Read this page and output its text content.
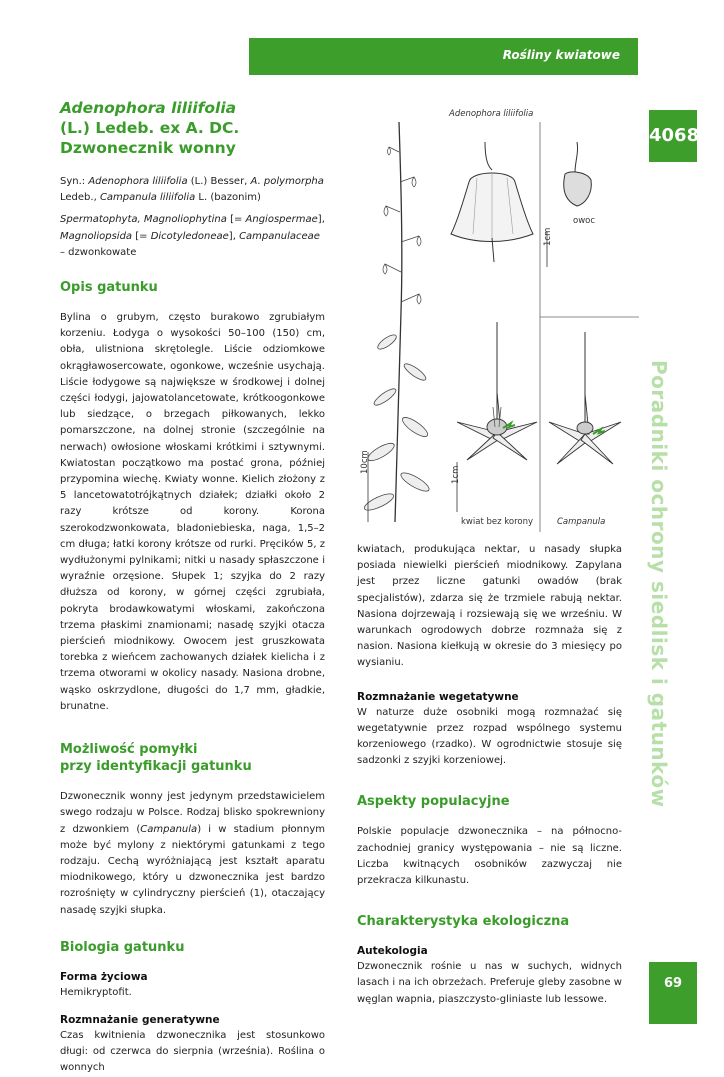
Rośliny kwiatowe
4068
Poradniki ochrony siedlisk i gatunków
69
Adenophora liliifolia
(L.) Ledeb. ex A. DC.
Dzwonecznik wonny

Syn.: Adenophora liliifolia (L.) Besser, A. polymorpha Ledeb., Campanula liliifolia L. (bazonim)

Spermatophyta, Magnoliophytina [= Angiospermae], Magnoliopsida [= Dicotyledoneae], Campanulaceae – dzwonkowate

Opis gatunku

Bylina o grubym, często burakowo zgrubiałym korzeniu. Łodyga o wysokości 50–100 (150) cm, obła, ulistniona skrętolegle. Liście odziomkowe okrągławosercowate, ogonkowe, wcześnie usychają. Liście łodygowe są największe w środkowej i dolnej części łodygi, jajowatolancetowate, krótkoogonkowe lub siedzące, o brzegach piłkowanych, lekko pomarszczone, na dolnej stronie (szczególnie na nerwach) owłosione włoskami krótkimi i sztywnymi. Kwiatostan początkowo ma postać grona, później przypomina wiechę. Kwiaty wonne. Kielich złożony z 5 lancetowatotrójkątnych działek; działki około 2 razy krótsze od korony. Korona szerokodzwonkowata, bladoniebieska, naga, 1,5–2 cm długa; łatki korony krótsze od rurki. Pręcików 5, z wydłużonymi pylnikami; nitki u nasady spłaszczone i wyraźnie orzęsione. Słupek 1; szyjka do 2 razy dłuższa od korony, w górnej części zgrubiała, pokryta brodawkowatymi włoskami, zakończona trzema płaskimi znamionami; nasadę szyjki otacza pierścień miodnikowy. Owocem jest gruszkowata torebka z wieńcem zachowanych działek kielicha i z trzema otworami w okolicy nasady. Nasiona drobne, wąsko oskrzydlone, długości do 1,7 mm, gładkie, brunatne.

Możliwość pomyłki
przy identyfikacji gatunku

Dzwonecznik wonny jest jedynym przedstawicielem swego rodzaju w Polsce. Rodzaj blisko spokrewniony z dzwonkiem (Campanula) i w stadium płonnym może być mylony z niektórymi gatunkami z tego rodzaju. Cechą wyróżniającą jest kształt aparatu miodnikowego, który u dzwonecznika jest bardzo rozrośnięty w cylindryczny pierścień (1), otaczający nasadę szyjki słupka.

Biologia gatunku
Forma życiowa

Hemikryptofit.

Rozmnażanie generatywne

Czas kwitnienia dzwonecznika jest stosunkowo długi: od czerwca do sierpnia (września). Roślina o wonnych

Adenophora liliifolia
owoc
1cm
1cm
10cm
kwiat bez korony	Campanula

kwiatach, produkująca nektar, u nasady słupka posiada niewielki pierścień miodnikowy. Zapylana jest przez liczne gatunki owadów (brak specjalistów), zdarza się że trzmiele rabują nektar. Nasiona dojrzewają i rozsiewają się we wrześniu. W warunkach ogrodowych dobrze rozmnaża się z nasion. Nasiona kiełkują w okresie do 3 miesięcy po wysianiu.

Rozmnażanie wegetatywne

W naturze duże osobniki mogą rozmnażać się wegetatywnie przez rozpad wspólnego systemu korzeniowego (rzadko). W ogrodnictwie stosuje się sadzonki z szyjki korzeniowej.

Aspekty populacyjne

Polskie populacje dzwonecznika – na północno-zachodniej granicy występowania – nie są liczne. Liczba kwitnących osobników zazwyczaj nie przekracza kilkunastu.

Charakterystyka ekologiczna
Autekologia

Dzwonecznik rośnie u nas w suchych, widnych lasach i na ich obrzeżach. Preferuje gleby zasobne w węglan wapnia, piaszczysto-gliniaste lub lessowe.
